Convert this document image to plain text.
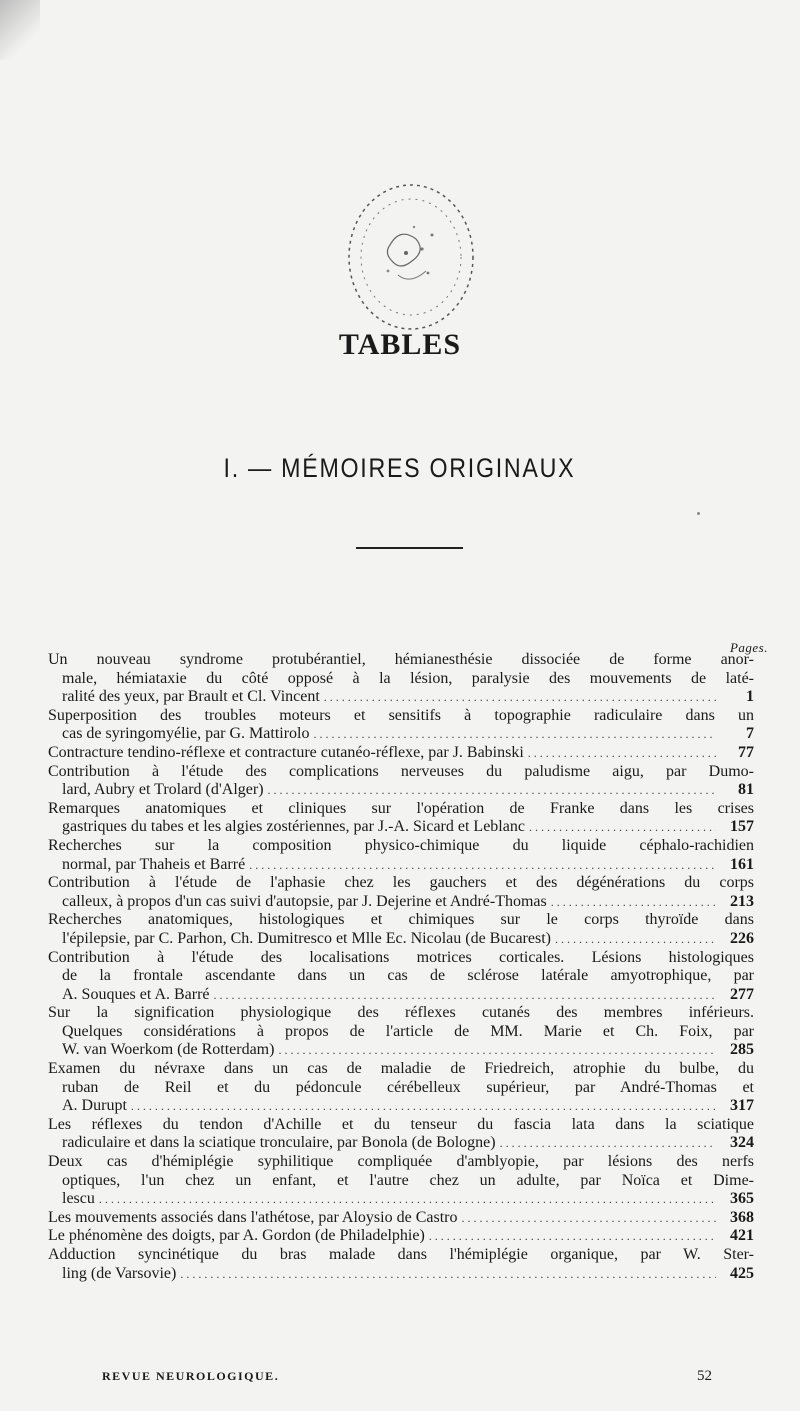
TABLES
I. — MÉMOIRES ORIGINAUX
Pages.
Un nouveau syndrome protubérantiel, hémianesthésie dissociée de forme anor-
male, hémiataxie du côté opposé à la lésion, paralysie des mouvements de laté-
ralité des yeux, par Brault et Cl. Vincent .....	1
Superposition des troubles moteurs et sensitifs à topographie radiculaire dans un
cas de syringomyélie, par G. Mattirolo .....	7
Contracture tendino-réflexe et contracture cutanéo-réflexe, par J. Babinski .....	77
Contribution à l'étude des complications nerveuses du paludisme aigu, par Dumo-
lard, Aubry et Trolard (d'Alger) .....	81
Remarques anatomiques et cliniques sur l'opération de Franke dans les crises
gastriques du tabes et les algies zostériennes, par J.-A. Sicard et Leblanc .....	157
Recherches sur la composition physico-chimique du liquide céphalo-rachidien
normal, par Thaheis et Barré .....	161
Contribution à l'étude de l'aphasie chez les gauchers et des dégénérations du corps
calleux, à propos d'un cas suivi d'autopsie, par J. Dejerine et André-Thomas .....	213
Recherches anatomiques, histologiques et chimiques sur le corps thyroïde dans
l'épilepsie, par C. Parhon, Ch. Dumitresco et Mlle Ec. Nicolau (de Bucarest) .....	226
Contribution à l'étude des localisations motrices corticales. Lésions histologiques
de la frontale ascendante dans un cas de sclérose latérale amyotrophique, par
A. Souques et A. Barré .....	277
Sur la signification physiologique des réflexes cutanés des membres inférieurs.
Quelques considérations à propos de l'article de MM. Marie et Ch. Foix, par
W. van Woerkom (de Rotterdam) .....	285
Examen du névraxe dans un cas de maladie de Friedreich, atrophie du bulbe, du
ruban de Reil et du pédoncule cérébelleux supérieur, par André-Thomas et
A. Durupt .....	317
Les réflexes du tendon d'Achille et du tenseur du fascia lata dans la sciatique
radiculaire et dans la sciatique tronculaire, par Bonola (de Bologne) .....	324
Deux cas d'hémiplégie syphilitique compliquée d'amblyopie, par lésions des nerfs
optiques, l'un chez un enfant, et l'autre chez un adulte, par Noïca et Dime-
lescu .....	365
Les mouvements associés dans l'athétose, par Aloysio de Castro .....	368
Le phénomène des doigts, par A. Gordon (de Philadelphie) .....	421
Adduction syncinétique du bras malade dans l'hémiplégie organique, par W. Ster-
ling (de Varsovie) .....	425
REVUE NEUROLOGIQUE.	52
